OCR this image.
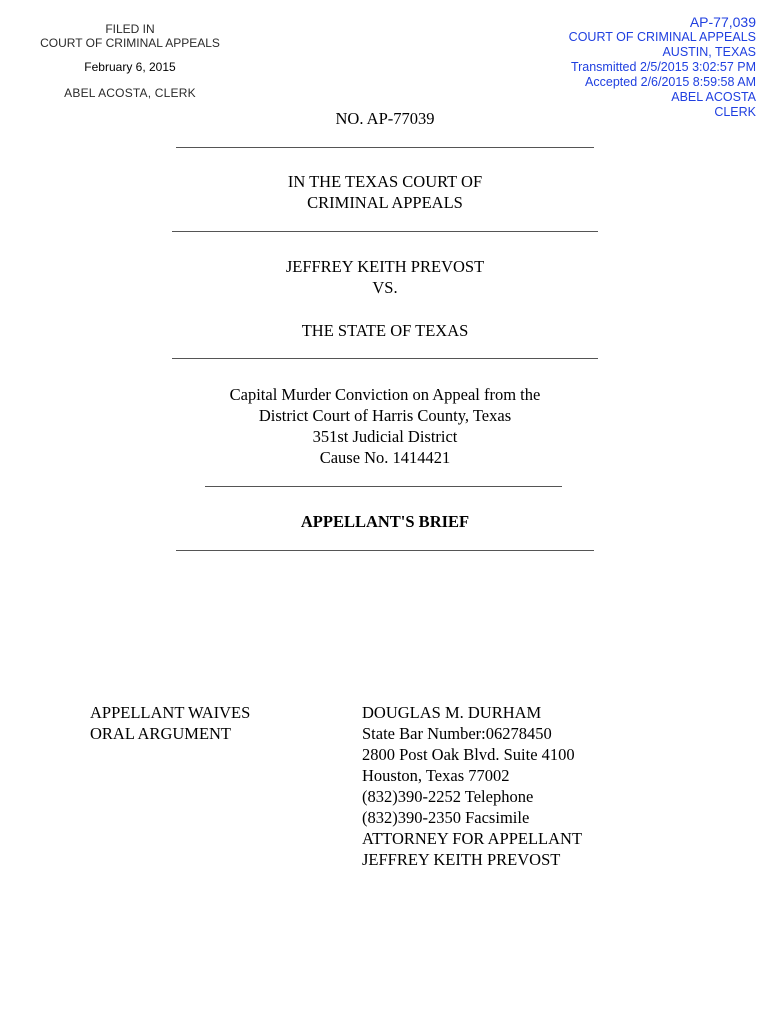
FILED IN
COURT OF CRIMINAL APPEALS
February 6, 2015
ABEL ACOSTA, CLERK
AP-77,039
COURT OF CRIMINAL APPEALS
AUSTIN, TEXAS
Transmitted 2/5/2015 3:02:57 PM
Accepted 2/6/2015 8:59:58 AM
ABEL ACOSTA
CLERK
NO. AP-77039
IN THE TEXAS COURT OF
CRIMINAL APPEALS
JEFFREY KEITH PREVOST
VS.
THE STATE OF TEXAS
Capital Murder Conviction on Appeal from the
District Court of Harris County, Texas
351st Judicial District
Cause No. 1414421
APPELLANT'S BRIEF
APPELLANT WAIVES
ORAL ARGUMENT
DOUGLAS M. DURHAM
State Bar Number:06278450
2800 Post Oak Blvd. Suite 4100
Houston, Texas 77002
(832)390-2252 Telephone
(832)390-2350 Facsimile
ATTORNEY FOR APPELLANT
JEFFREY KEITH PREVOST
